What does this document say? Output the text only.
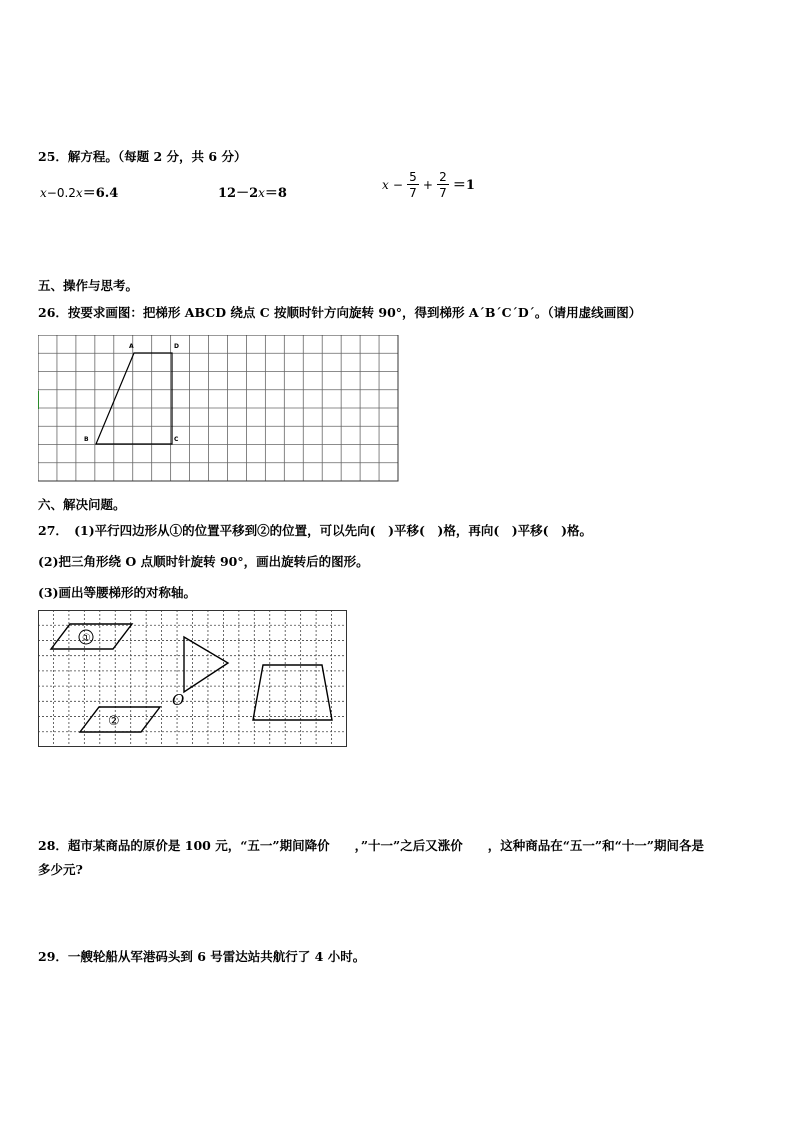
25．解方程。（每题 2 分，共 6 分）
x−0.2x＝6.4	12－2x＝8
$x - \frac{5}{7} + \frac{2}{7} =1$
五、操作与思考。
26．按要求画图：把梯形 ABCD 绕点 C 按顺时针方向旋转 90°，得到梯形 A´B´C´D´。（请用虚线画图）
A	D
B	C
六、解决问题。
27．　(1)平行四边形从①的位置平移到②的位置，可以先向(　)平移(　)格，再向(　)平移(　)格。
(2)把三角形绕 O 点顺时针旋转 90°，画出旋转后的图形。
(3)画出等腰梯形的对称轴。
①
②
O
28．超市某商品的原价是 100 元，“五一”期间降价　　，”十一”之后又涨价　　，这种商品在“五一”和“十一”期间各是
多少元?
29．一艘轮船从军港码头到 6 号雷达站共航行了 4 小时。
